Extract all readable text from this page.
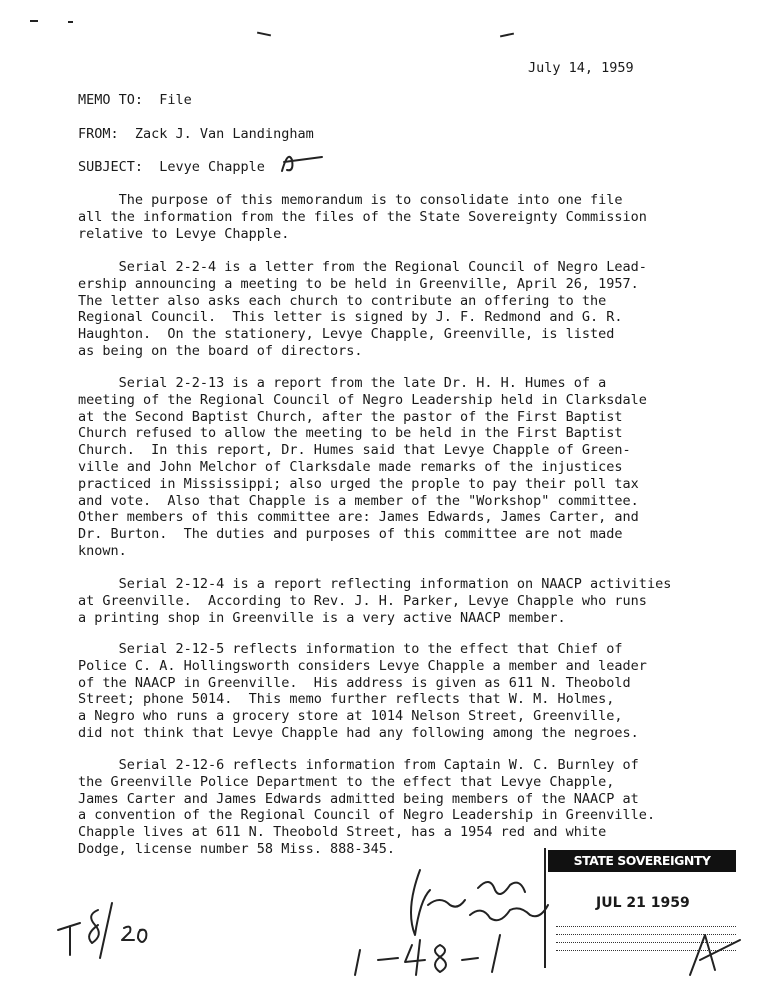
July 14, 1959
MEMO TO:  File
FROM:  Zack J. Van Landingham
SUBJECT:  Levye Chapple
The purpose of this memorandum is to consolidate into one file
all the information from the files of the State Sovereignty Commission
relative to Levye Chapple.
Serial 2-2-4 is a letter from the Regional Council of Negro Lead-
ership announcing a meeting to be held in Greenville, April 26, 1957.
The letter also asks each church to contribute an offering to the
Regional Council.  This letter is signed by J. F. Redmond and G. R.
Haughton.  On the stationery, Levye Chapple, Greenville, is listed
as being on the board of directors.
Serial 2-2-13 is a report from the late Dr. H. H. Humes of a
meeting of the Regional Council of Negro Leadership held in Clarksdale
at the Second Baptist Church, after the pastor of the First Baptist
Church refused to allow the meeting to be held in the First Baptist
Church.  In this report, Dr. Humes said that Levye Chapple of Green-
ville and John Melchor of Clarksdale made remarks of the injustices
practiced in Mississippi; also urged the prople to pay their poll tax
and vote.  Also that Chapple is a member of the "Workshop" committee.
Other members of this committee are: James Edwards, James Carter, and
Dr. Burton.  The duties and purposes of this committee are not made
known.
Serial 2-12-4 is a report reflecting information on NAACP activities
at Greenville.  According to Rev. J. H. Parker, Levye Chapple who runs
a printing shop in Greenville is a very active NAACP member.
Serial 2-12-5 reflects information to the effect that Chief of
Police C. A. Hollingsworth considers Levye Chapple a member and leader
of the NAACP in Greenville.  His address is given as 611 N. Theobold
Street; phone 5014.  This memo further reflects that W. M. Holmes,
a Negro who runs a grocery store at 1014 Nelson Street, Greenville,
did not think that Levye Chapple had any following among the negroes.
Serial 2-12-6 reflects information from Captain W. C. Burnley of
the Greenville Police Department to the effect that Levye Chapple,
James Carter and James Edwards admitted being members of the NAACP at
a convention of the Regional Council of Negro Leadership in Greenville.
Chapple lives at 611 N. Theobold Street, has a 1954 red and white
Dodge, license number 58 Miss. 888-345.
STATE SOVEREIGNTY COMMISSION
JUL 21 1959
